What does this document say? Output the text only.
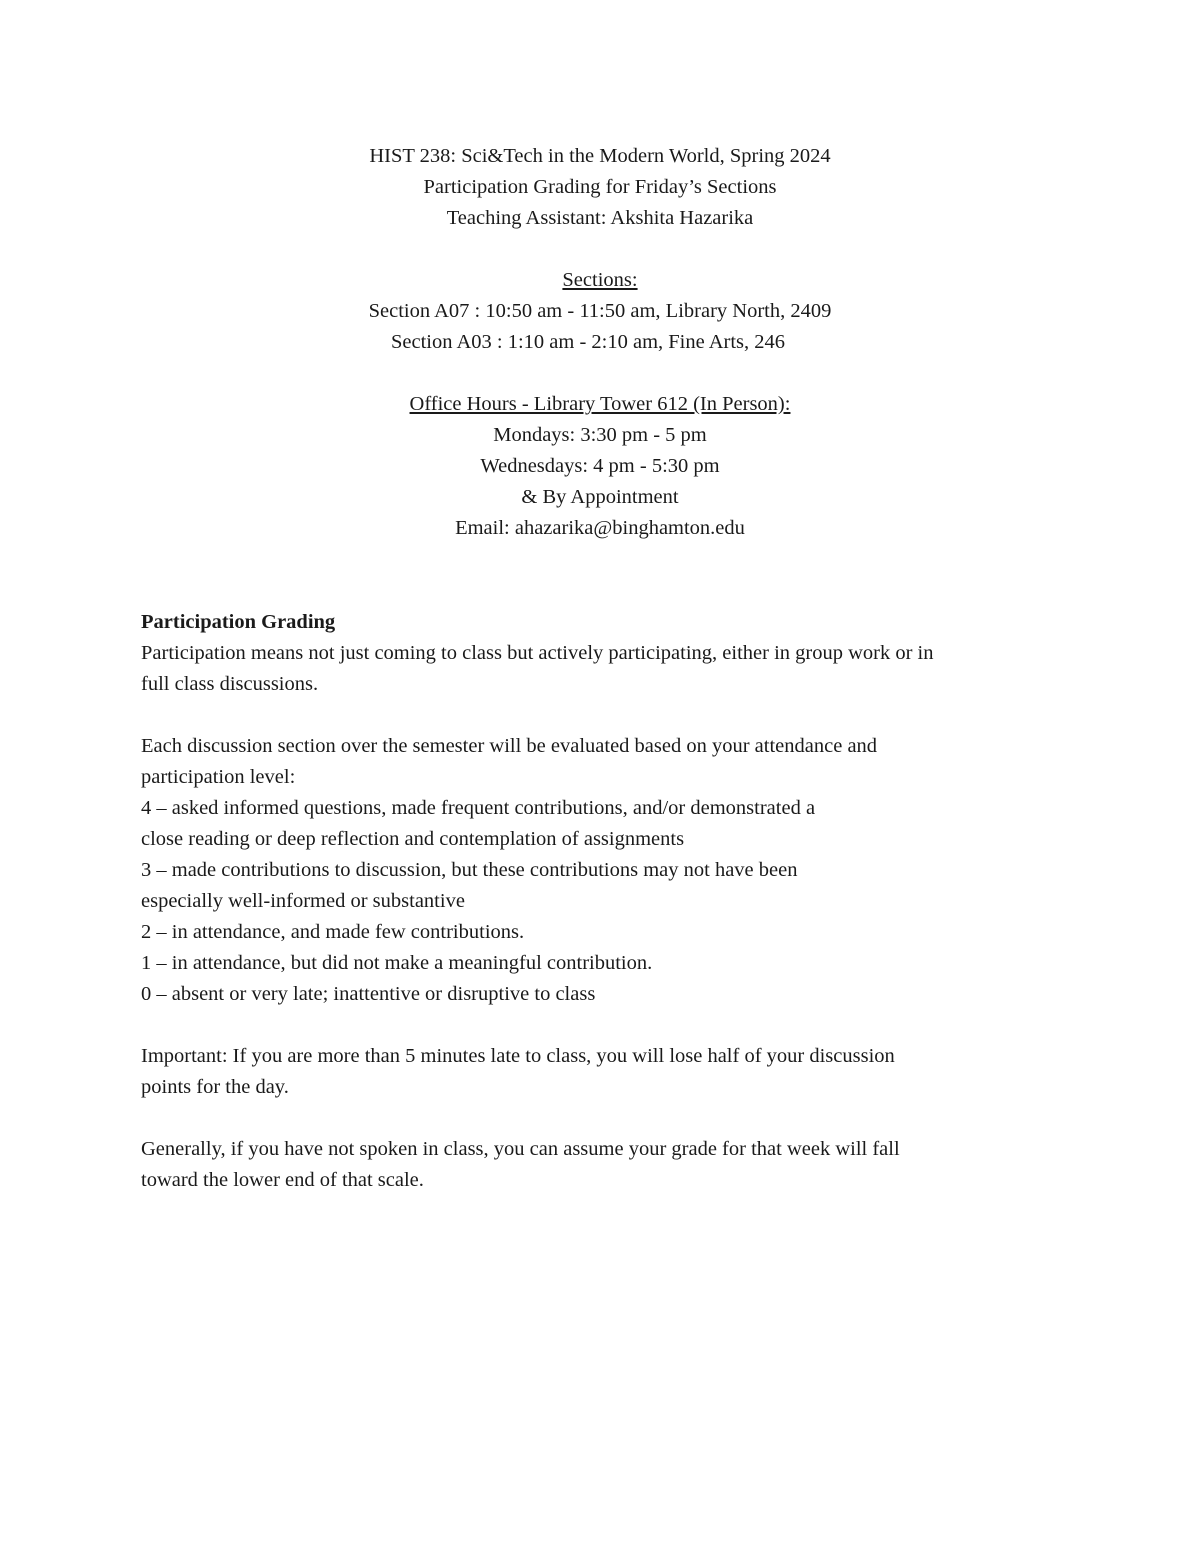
HIST 238: Sci&Tech in the Modern World, Spring 2024
Participation Grading for Friday’s Sections
Teaching Assistant: Akshita Hazarika
Sections:
Section A07 : 10:50 am - 11:50 am, Library North, 2409
Section A03 : 1:10 am - 2:10 am, Fine Arts, 246
Office Hours - Library Tower 612 (In Person):
Mondays: 3:30 pm - 5 pm
Wednesdays: 4 pm - 5:30 pm
& By Appointment
Email: ahazarika@binghamton.edu
Participation Grading
Participation means not just coming to class but actively participating, either in group work or in
full class discussions.
Each discussion section over the semester will be evaluated based on your attendance and
participation level:
4 – asked informed questions, made frequent contributions, and/or demonstrated a
close reading or deep reflection and contemplation of assignments
3 – made contributions to discussion, but these contributions may not have been
especially well-informed or substantive
2 – in attendance, and made few contributions.
1 – in attendance, but did not make a meaningful contribution.
0 – absent or very late; inattentive or disruptive to class
Important: If you are more than 5 minutes late to class, you will lose half of your discussion
points for the day.
Generally, if you have not spoken in class, you can assume your grade for that week will fall
toward the lower end of that scale.
